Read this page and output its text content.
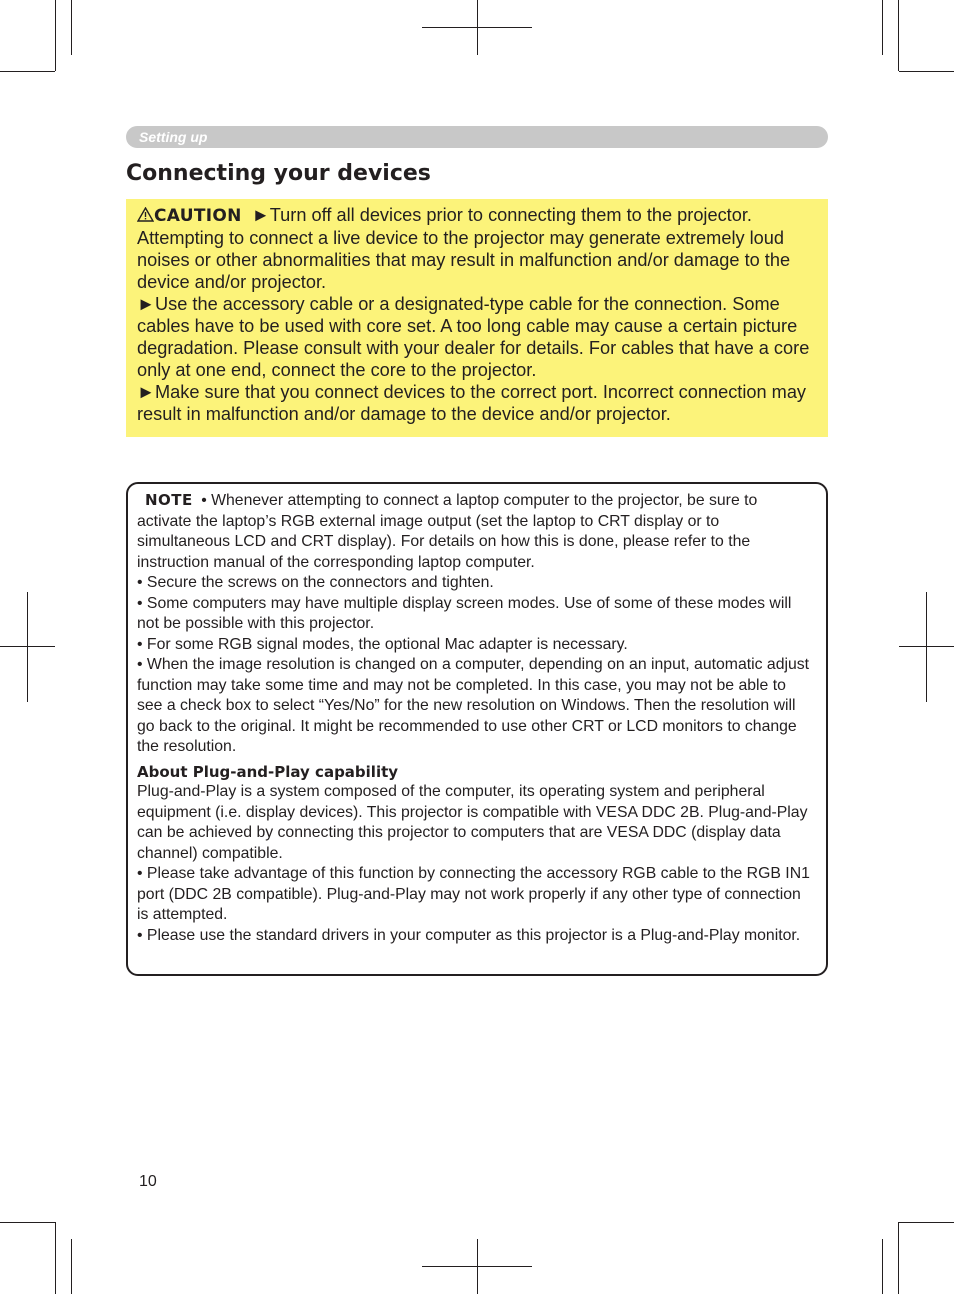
Setting up
Connecting your devices

CAUTION ►Turn off all devices prior to connecting them to the projector. Attempting to connect a live device to the projector may generate extremely loud noises or other abnormalities that may result in malfunction and/or damage to the device and/or projector.

►Use the accessory cable or a designated-type cable for the connection. Some cables have to be used with core set. A too long cable may cause a certain picture degradation. Please consult with your dealer for details. For cables that have a core only at one end, connect the core to the projector.

►Make sure that you connect devices to the correct port. Incorrect connection may result in malfunction and/or damage to the device and/or projector.

NOTE • Whenever attempting to connect a laptop computer to the projector, be sure to activate the laptop’s RGB external image output (set the laptop to CRT display or to simultaneous LCD and CRT display). For details on how this is done, please refer to the instruction manual of the corresponding laptop computer.

• Secure the screws on the connectors and tighten.

• Some computers may have multiple display screen modes. Use of some of these modes will not be possible with this projector.

• For some RGB signal modes, the optional Mac adapter is necessary.

• When the image resolution is changed on a computer, depending on an input, automatic adjust function may take some time and may not be completed. In this case, you may not be able to see a check box to select “Yes/No” for the new resolution on Windows. Then the resolution will go back to the original. It might be recommended to use other CRT or LCD monitors to change the resolution.

About Plug-and-Play capability

Plug-and-Play is a system composed of the computer, its operating system and peripheral equipment (i.e. display devices). This projector is compatible with VESA DDC 2B. Plug-and-Play can be achieved by connecting this projector to computers that are VESA DDC (display data channel) compatible.

• Please take advantage of this function by connecting the accessory RGB cable to the RGB IN1 port (DDC 2B compatible). Plug-and-Play may not work properly if any other type of connection is attempted.

• Please use the standard drivers in your computer as this projector is a Plug-and-Play monitor.

10
